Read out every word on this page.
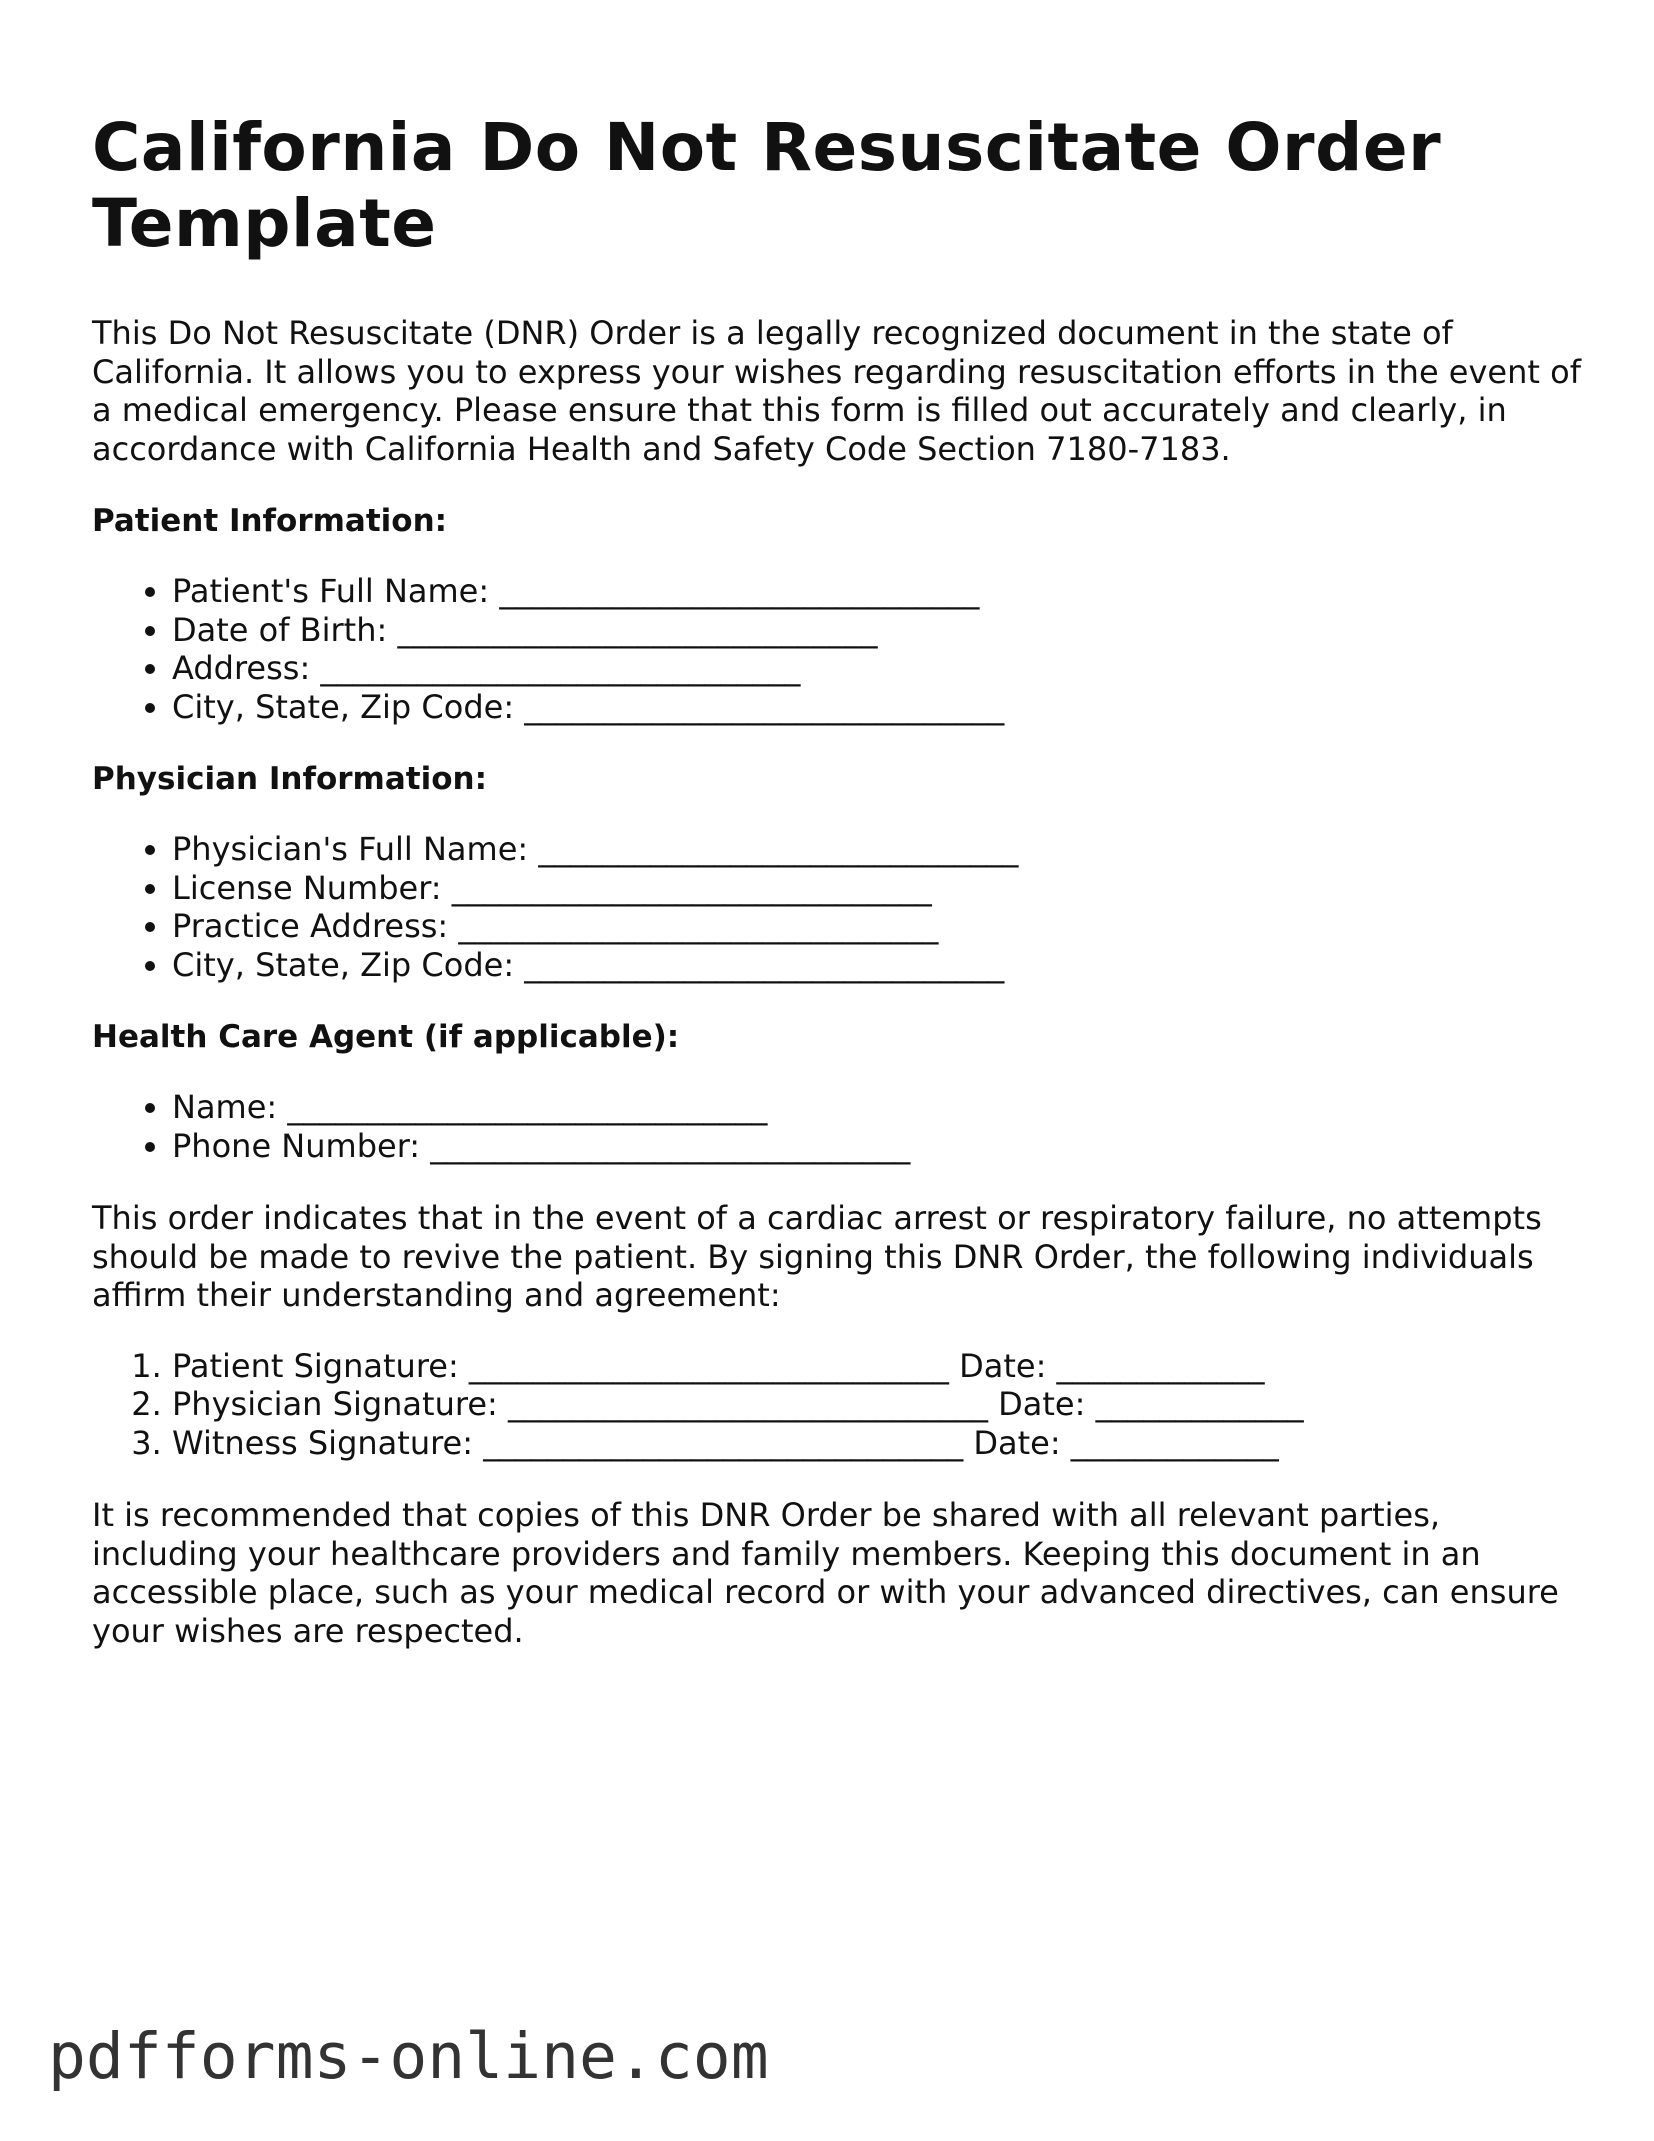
California Do Not Resuscitate Order Template

This Do Not Resuscitate (DNR) Order is a legally recognized document in the state of California. It allows you to express your wishes regarding resuscitation efforts in the event of a medical emergency. Please ensure that this form is filled out accurately and clearly, in accordance with California Health and Safety Code Section 7180-7183.

Patient Information:
• Patient's Full Name: ______________________________
• Date of Birth: ______________________________
• Address: ______________________________
• City, State, Zip Code: ______________________________
Physician Information:
• Physician's Full Name: ______________________________
• License Number: ______________________________
• Practice Address: ______________________________
• City, State, Zip Code: ______________________________
Health Care Agent (if applicable):
• Name: ______________________________
• Phone Number: ______________________________

This order indicates that in the event of a cardiac arrest or respiratory failure, no attempts should be made to revive the patient. By signing this DNR Order, the following individuals affirm their understanding and agreement:

1. Patient Signature: ______________________________ Date: _____________
2. Physician Signature: ______________________________ Date: _____________
3. Witness Signature: ______________________________ Date: _____________

It is recommended that copies of this DNR Order be shared with all relevant parties, including your healthcare providers and family members. Keeping this document in an accessible place, such as your medical record or with your advanced directives, can ensure your wishes are respected.

pdfforms-online.com
